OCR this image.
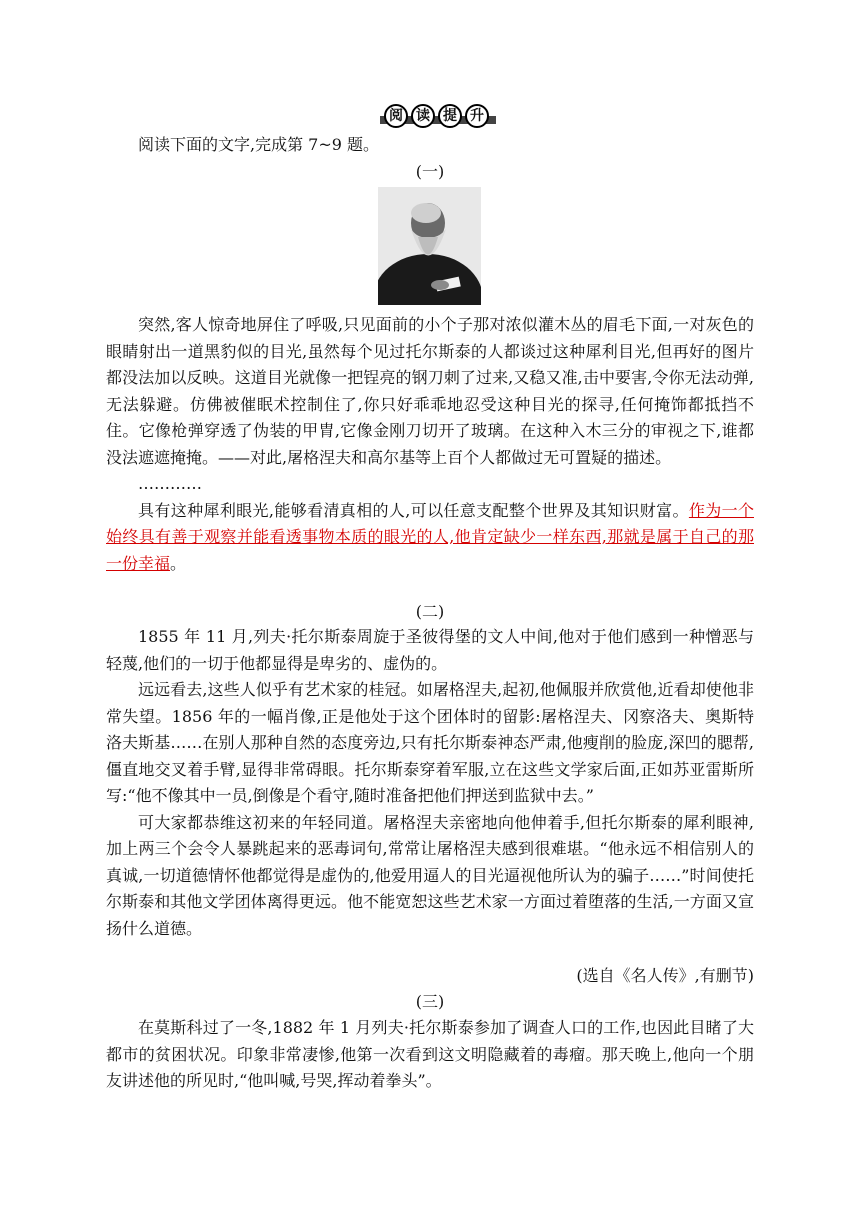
阅 读 提 升
阅读下面的文字,完成第 7~9 题。
(一)

突然,客人惊奇地屏住了呼吸,只见面前的小个子那对浓似灌木丛的眉毛下面,一对灰色的眼睛射出一道黑豹似的目光,虽然每个见过托尔斯泰的人都谈过这种犀利目光,但再好的图片都没法加以反映。这道目光就像一把锃亮的钢刀刺了过来,又稳又准,击中要害,令你无法动弹,无法躲避。仿佛被催眠术控制住了,你只好乖乖地忍受这种目光的探寻,任何掩饰都抵挡不住。它像枪弹穿透了伪装的甲胄,它像金刚刀切开了玻璃。在这种入木三分的审视之下,谁都没法遮遮掩掩。——对此,屠格涅夫和高尔基等上百个人都做过无可置疑的描述。

…………

具有这种犀利眼光,能够看清真相的人,可以任意支配整个世界及其知识财富。作为一个始终具有善于观察并能看透事物本质的眼光的人,他肯定缺少一样东西,那就是属于自己的那一份幸福。

(二)

1855 年 11 月,列夫·托尔斯泰周旋于圣彼得堡的文人中间,他对于他们感到一种憎恶与轻蔑,他们的一切于他都显得是卑劣的、虚伪的。

远远看去,这些人似乎有艺术家的桂冠。如屠格涅夫,起初,他佩服并欣赏他,近看却使他非常失望。1856 年的一幅肖像,正是他处于这个团体时的留影:屠格涅夫、冈察洛夫、奥斯特洛夫斯基……在别人那种自然的态度旁边,只有托尔斯泰神态严肃,他瘦削的脸庞,深凹的腮帮,僵直地交叉着手臂,显得非常碍眼。托尔斯泰穿着军服,立在这些文学家后面,正如苏亚雷斯所写:“他不像其中一员,倒像是个看守,随时准备把他们押送到监狱中去。”

可大家都恭维这初来的年轻同道。屠格涅夫亲密地向他伸着手,但托尔斯泰的犀利眼神,加上两三个会令人暴跳起来的恶毒词句,常常让屠格涅夫感到很难堪。“他永远不相信别人的真诚,一切道德情怀他都觉得是虚伪的,他爱用逼人的目光逼视他所认为的骗子……”时间使托尔斯泰和其他文学团体离得更远。他不能宽恕这些艺术家一方面过着堕落的生活,一方面又宣扬什么道德。

(选自《名人传》,有删节)
(三)

在莫斯科过了一冬,1882 年 1 月列夫·托尔斯泰参加了调查人口的工作,也因此目睹了大都市的贫困状况。印象非常凄惨,他第一次看到这文明隐藏着的毒瘤。那天晚上,他向一个朋友讲述他的所见时,“他叫喊,号哭,挥动着拳头”。
